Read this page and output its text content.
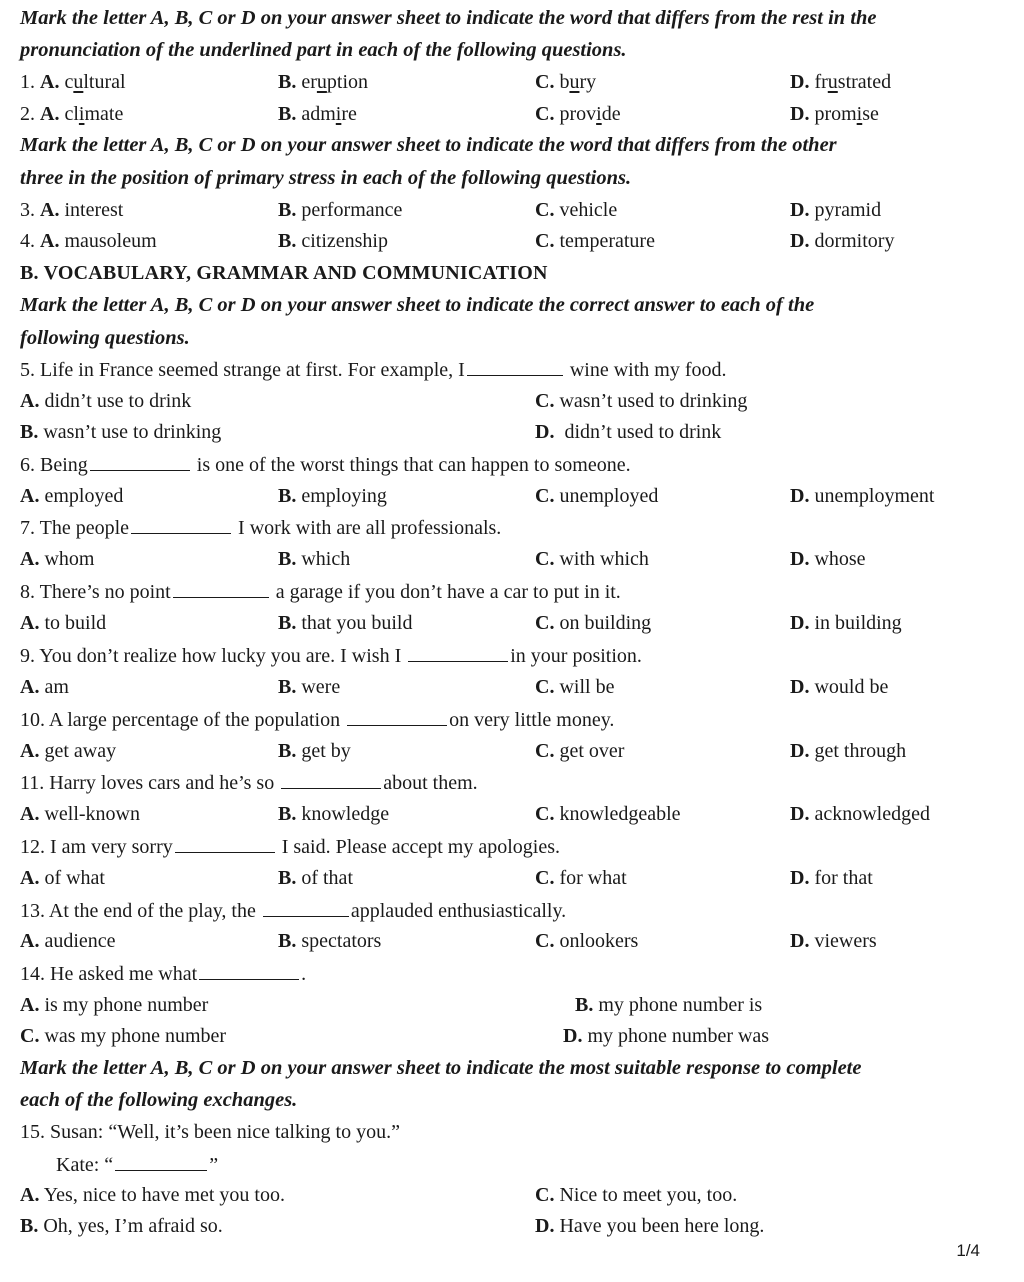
Mark the letter A, B, C or D on your answer sheet to indicate the word that differs from the rest in the
pronunciation of the underlined part in each of the following questions.
1. A. cultural	B. eruption	C. bury	D. frustrated
2. A. climate	B. admire	C. provide	D. promise
Mark the letter A, B, C or D on your answer sheet to indicate the word that differs from the other
three in the position of primary stress in each of the following questions.
3. A. interest	B. performance	C. vehicle	D. pyramid
4. A. mausoleum	B. citizenship	C. temperature	D. dormitory
B. VOCABULARY, GRAMMAR AND COMMUNICATION
Mark the letter A, B, C or D on your answer sheet to indicate the correct answer to each of the
following questions.
5. Life in France seemed strange at first. For example, I	wine with my food.
A. didn’t use to drink	C. wasn’t used to drinking
B. wasn’t use to drinking	D. didn’t used to drink
6. Being	is one of the worst things that can happen to someone.
A. employed	B. employing	C. unemployed	D. unemployment
7. The people	I work with are all professionals.
A. whom	B. which	C. with which	D. whose
8. There’s no point	a garage if you don’t have a car to put in it.
A. to build	B. that you build	C. on building	D. in building
9. You don’t realize how lucky you are. I wish I	in your position.
A. am	B. were	C. will be	D. would be
10. A large percentage of the population	on very little money.
A. get away	B. get by	C. get over	D. get through
11. Harry loves cars and he’s so	about them.
A. well-known	B. knowledge	C. knowledgeable	D. acknowledged
12. I am very sorry	I said. Please accept my apologies.
A. of what	B. of that	C. for what	D. for that
13. At the end of the play, the	applauded enthusiastically.
A. audience	B. spectators	C. onlookers	D. viewers
14. He asked me what	.
A. is my phone number	B. my phone number is
C. was my phone number	D. my phone number was
Mark the letter A, B, C or D on your answer sheet to indicate the most suitable response to complete
each of the following exchanges.
15. Susan: “Well, it’s been nice talking to you.”
Kate: “	”
A. Yes, nice to have met you too.	C. Nice to meet you, too.
B. Oh, yes, I’m afraid so.	D. Have you been here long.
1/4
